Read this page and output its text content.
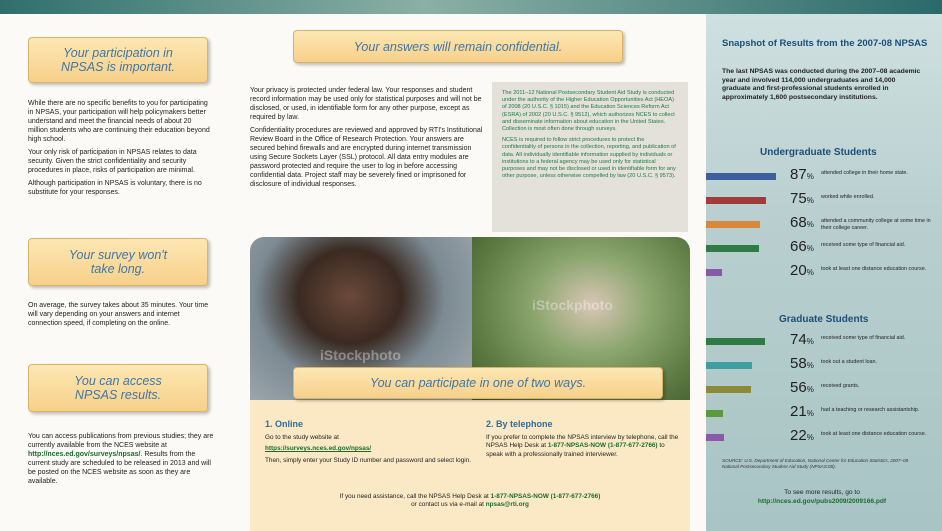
Your participation in
NPSAS is important.

While there are no specific benefits to you for participating in NPSAS, your participation will help policymakers better understand and meet the financial needs of about 20 million students who are continuing their education beyond high school.

Your only risk of participation in NPSAS relates to data security. Given the strict confidentiality and security procedures in place, risks of participation are minimal.

Although participation in NPSAS is voluntary, there is no substitute for your responses.

Your survey won't
take long.

On average, the survey takes about 35 minutes. Your time will vary depending on your answers and internet connection speed, if completing on the online.

You can access
NPSAS results.

You can access publications from previous studies; they are currently available from the NCES website at http://nces.ed.gov/surveys/npsas/. Results from the current study are scheduled to be released in 2013 and will be posted on the NCES website as soon as they are available.

Your answers will remain confidential.

Your privacy is protected under federal law. Your responses and student record information may be used only for statistical purposes and will not be disclosed, or used, in identifiable form for any other purpose, except as required by law.

Confidentiality procedures are reviewed and approved by RTI's Institutional Review Board in the Office of Research Protection. Your answers are secured behind firewalls and are encrypted during internet transmission using Secure Sockets Layer (SSL) protocol. All data entry modules are password protected and require the user to log in before accessing confidential data. Project staff may be severely fined or imprisoned for disclosure of individual responses.

The 2011–12 National Postsecondary Student Aid Study is conducted under the authority of the Higher Education Opportunities Act (HEOA) of 2008 (20 U.S.C. § 1015) and the Education Sciences Reform Act (ESRA) of 2002 (20 U.S.C. § 9512), which authorizes NCES to collect and disseminate information about education in the United States. Collection is most often done through surveys.

NCES is required to follow strict procedures to protect the confidentiality of persons in the collection, reporting, and publication of data. All individually identifiable information supplied by individuals or institutions to a federal agency may be used only for statistical purposes and may not be disclosed or used in identifiable form for any other purpose, unless otherwise compelled by law (20 U.S.C. § 9573).

iStockphoto
iStockphoto
You can participate in one of two ways.
1. Online
Go to the study website at
https://surveys.nces.ed.gov/npsas/
Then, simply enter your Study ID number and password and select login.
2. By telephone
If you prefer to complete the NPSAS interview by telephone, call the NPSAS Help Desk at 1-877-NPSAS-NOW (1-877-677-2766) to speak with a professionally trained interviewer.
If you need assistance, call the NPSAS Help Desk at 1-877-NPSAS-NOW (1-877-677-2766)
or contact us via e-mail at npsas@rti.org
Snapshot of Results from the 2007-08 NPSAS
The last NPSAS was conducted during the 2007–08 academic year and involved 114,000 undergraduates and 14,000 graduate and first-professional students enrolled in approximately 1,600 postsecondary institutions.
Undergraduate Students
87% attended college in their home state.
75% worked while enrolled.
68% attended a community college at some time in their college career.
66% received some type of financial aid.
20% took at least one distance education course.
Graduate Students
74% received some type of financial aid.
58% took out a student loan.
56% received grants.
21% had a teaching or research assistantship.
22% took at least one distance education course.
SOURCE: U.S. Department of Education, National Center for Education Statistics, 2007–08 National Postsecondary Student Aid Study (NPSAS:08).
To see more results, go to
http://nces.ed.gov/pubs2009/2009166.pdf
